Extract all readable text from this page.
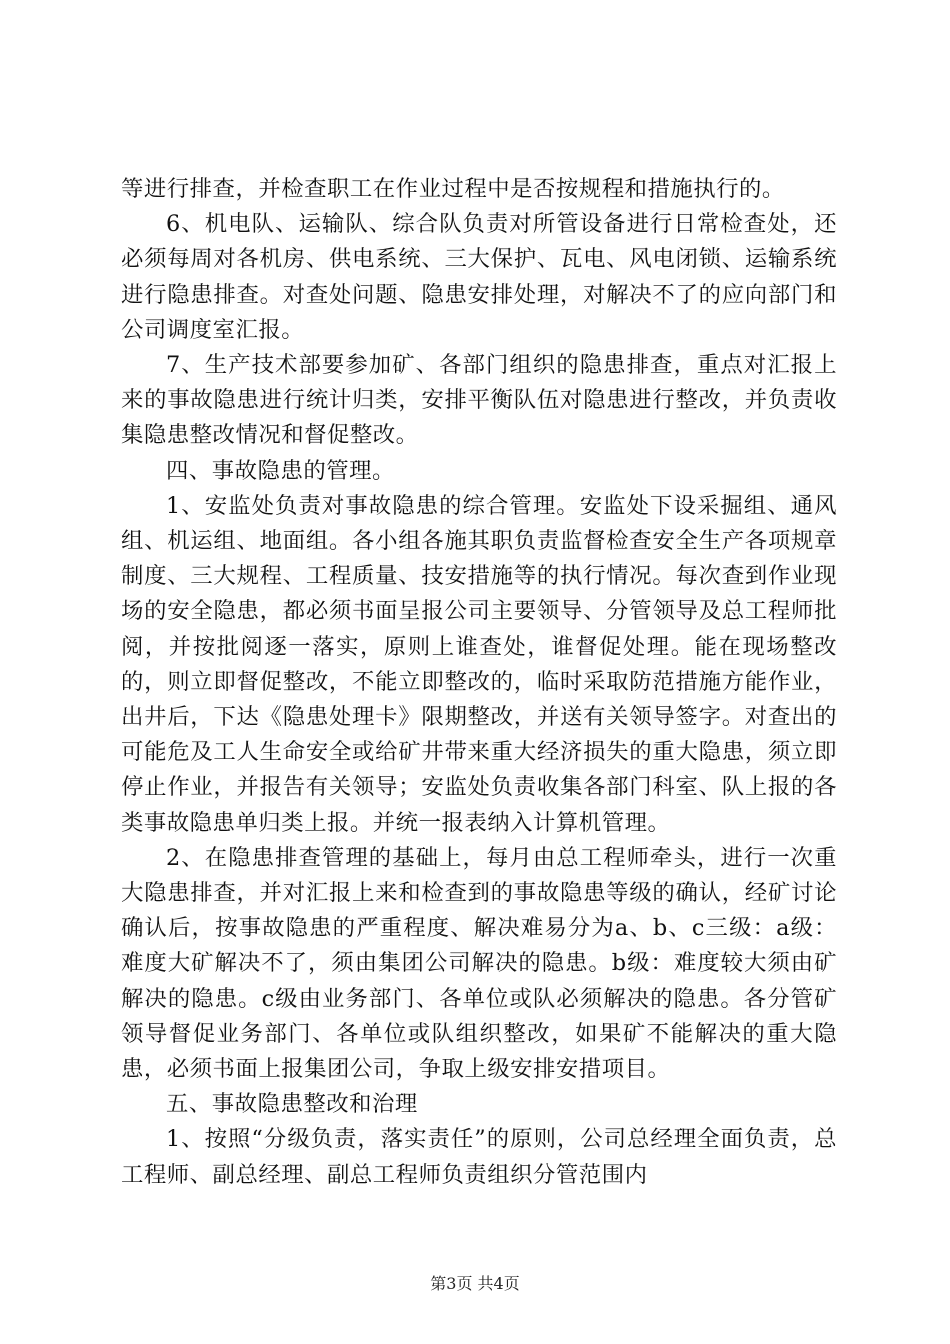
等进行排查，并检查职工在作业过程中是否按规程和措施执行的。

6、机电队、运输队、综合队负责对所管设备进行日常检查处，还必须每周对各机房、供电系统、三大保护、瓦电、风电闭锁、运输系统进行隐患排查。对查处问题、隐患安排处理，对解决不了的应向部门和公司调度室汇报。

7、生产技术部要参加矿、各部门组织的隐患排查，重点对汇报上来的事故隐患进行统计归类，安排平衡队伍对隐患进行整改，并负责收集隐患整改情况和督促整改。

四、事故隐患的管理。

1、安监处负责对事故隐患的综合管理。安监处下设采掘组、通风组、机运组、地面组。各小组各施其职负责监督检查安全生产各项规章制度、三大规程、工程质量、技安措施等的执行情况。每次查到作业现场的安全隐患，都必须书面呈报公司主要领导、分管领导及总工程师批阅，并按批阅逐一落实，原则上谁查处，谁督促处理。能在现场整改的，则立即督促整改，不能立即整改的，临时采取防范措施方能作业，出井后，下达《隐患处理卡》限期整改，并送有关领导签字。对查出的可能危及工人生命安全或给矿井带来重大经济损失的重大隐患，须立即停止作业，并报告有关领导；安监处负责收集各部门科室、队上报的各类事故隐患单归类上报。并统一报表纳入计算机管理。

2、在隐患排查管理的基础上，每月由总工程师牵头，进行一次重大隐患排查，并对汇报上来和检查到的事故隐患等级的确认，经矿讨论确认后，按事故隐患的严重程度、解决难易分为a、b、c三级：a级：难度大矿解决不了，须由集团公司解决的隐患。b级：难度较大须由矿解决的隐患。c级由业务部门、各单位或队必须解决的隐患。各分管矿领导督促业务部门、各单位或队组织整改，如果矿不能解决的重大隐患，必须书面上报集团公司，争取上级安排安措项目。

五、事故隐患整改和治理

1、按照“分级负责，落实责任”的原则，公司总经理全面负责，总工程师、副总经理、副总工程师负责组织分管范围内

第3页 共4页
